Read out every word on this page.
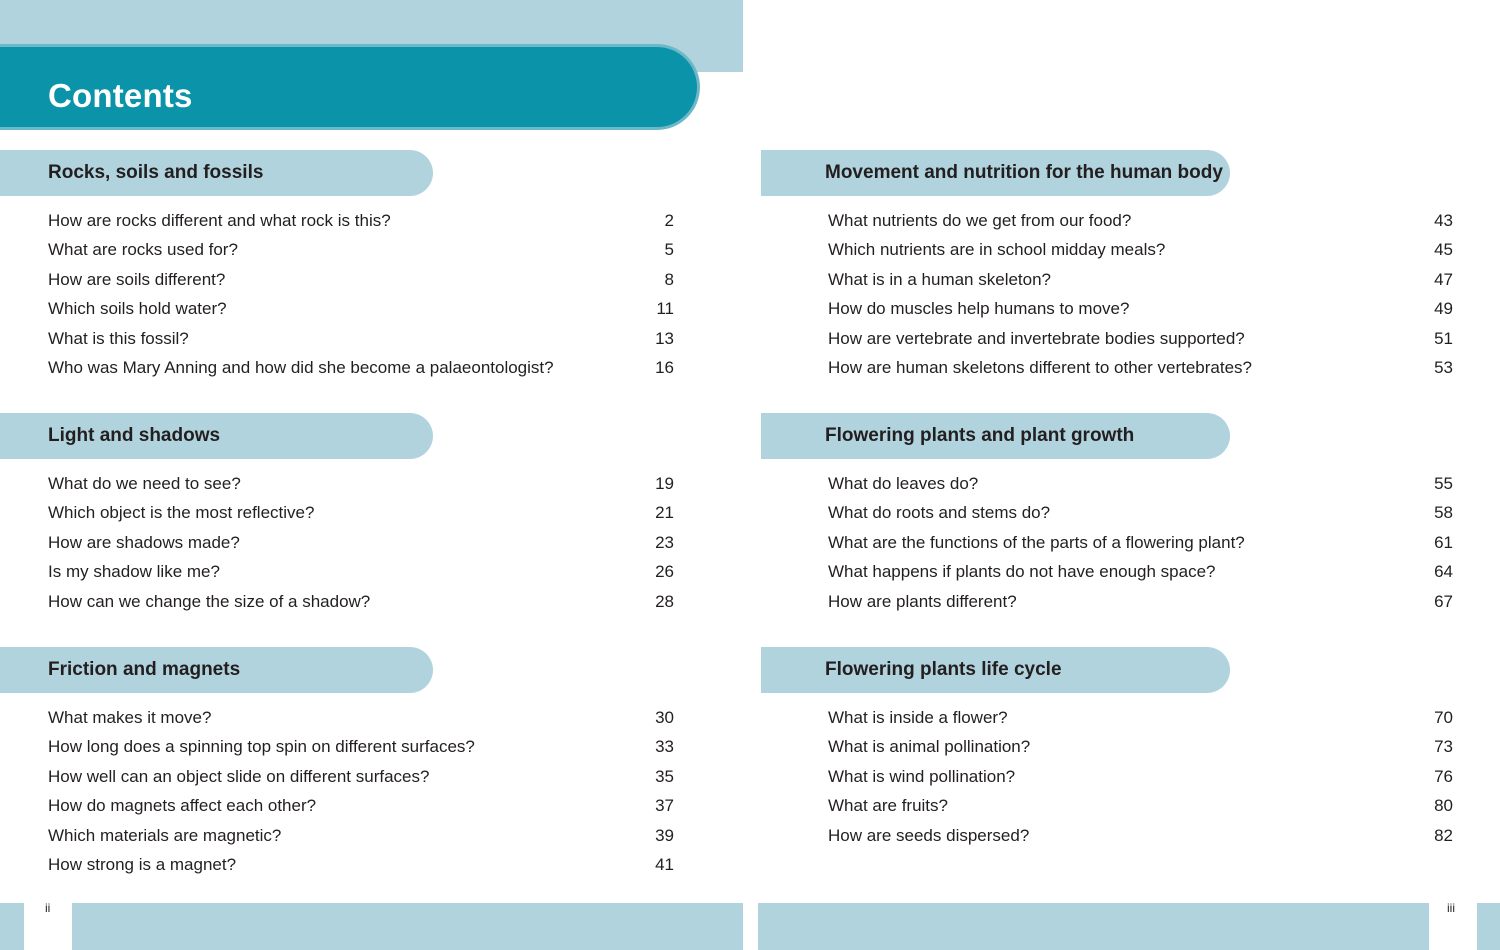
Contents
Rocks, soils and fossils
How are rocks different and what rock is this?	2
What are rocks used for?	5
How are soils different?	8
Which soils hold water?	11
What is this fossil?	13
Who was Mary Anning and how did she become a palaeontologist?	16
Light and shadows
What do we need to see?	19
Which object is the most reflective?	21
How are shadows made?	23
Is my shadow like me?	26
How can we change the size of a shadow?	28
Friction and magnets
What makes it move?	30
How long does a spinning top spin on different surfaces?	33
How well can an object slide on different surfaces?	35
How do magnets affect each other?	37
Which materials are magnetic?	39
How strong is a magnet?	41
Movement and nutrition for the human body
What nutrients do we get from our food?	43
Which nutrients are in school midday meals?	45
What is in a human skeleton?	47
How do muscles help humans to move?	49
How are vertebrate and invertebrate bodies supported?	51
How are human skeletons different to other vertebrates?	53
Flowering plants and plant growth
What do leaves do?	55
What do roots and stems do?	58
What are the functions of the parts of a flowering plant?	61
What happens if plants do not have enough space?	64
How are plants different?	67
Flowering plants life cycle
What is inside a flower?	70
What is animal pollination?	73
What is wind pollination?	76
What are fruits?	80
How are seeds dispersed?	82
ii	iii
